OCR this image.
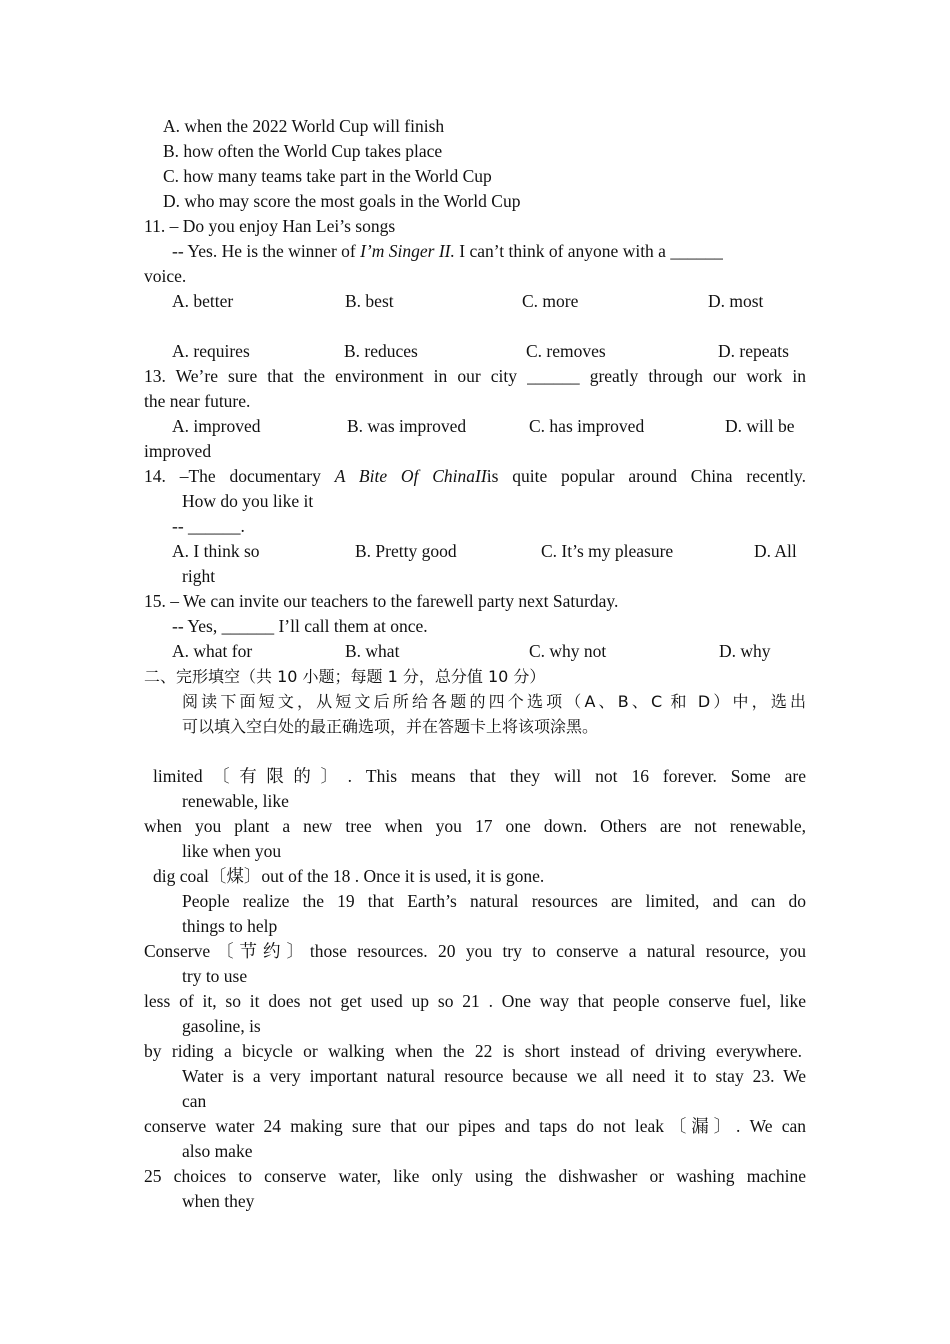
A. when the 2022 World Cup will finish
B. how often the World Cup takes place
C. how many teams take part in the World Cup
D. who may score the most goals in the World Cup
11. – Do you enjoy Han Lei’s songs
-- Yes. He is the winner of I’m Singer II. I can’t think of anyone with a ______
voice.
A. better	B. best	C. more	D. most
A. requires	B. reduces	C. removes	D. repeats
13. We’re sure that the environment in our city ______ greatly through our work in
the near future.
A. improved	B. was improved	C. has improved	D. will be
improved
14. –The documentary A Bite Of ChinaIIis quite popular around China recently.
How do you like it
-- ______.
A. I think so	B. Pretty good	C. It’s my pleasure	D. All
right
15. – We can invite our teachers to the farewell party next Saturday.
-- Yes, ______ I’ll call them at once.
A. what for	B. what	C. why not	D. why
二、完形填空（共 10 小题；每题 1 分，总分值 10 分）
阅读下面短文，从短文后所给各题的四个选项（A、B、C 和 D）中，选出
可以填入空白处的最正确选项，并在答题卡上将该项涂黑。
limited〔有限的〕. This means that they will not 16 forever. Some are
renewable, like
when you plant a new tree when you 17 one down. Others are not renewable,
like when you
dig coal〔煤〕out of the 18 . Once it is used, it is gone.
People realize the 19 that Earth’s natural resources are limited, and can do
things to help
Conserve〔节约〕those resources. 20 you try to conserve a natural resource, you
try to use
less of it, so it does not get used up so 21 . One way that people conserve fuel, like
gasoline, is
by riding a bicycle or walking when the 22 is short instead of driving everywhere.
Water is a very important natural resource because we all need it to stay 23. We
can
conserve water 24 making sure that our pipes and taps do not leak〔漏〕. We can
also make
25 choices to conserve water, like only using the dishwasher or washing machine
when they
